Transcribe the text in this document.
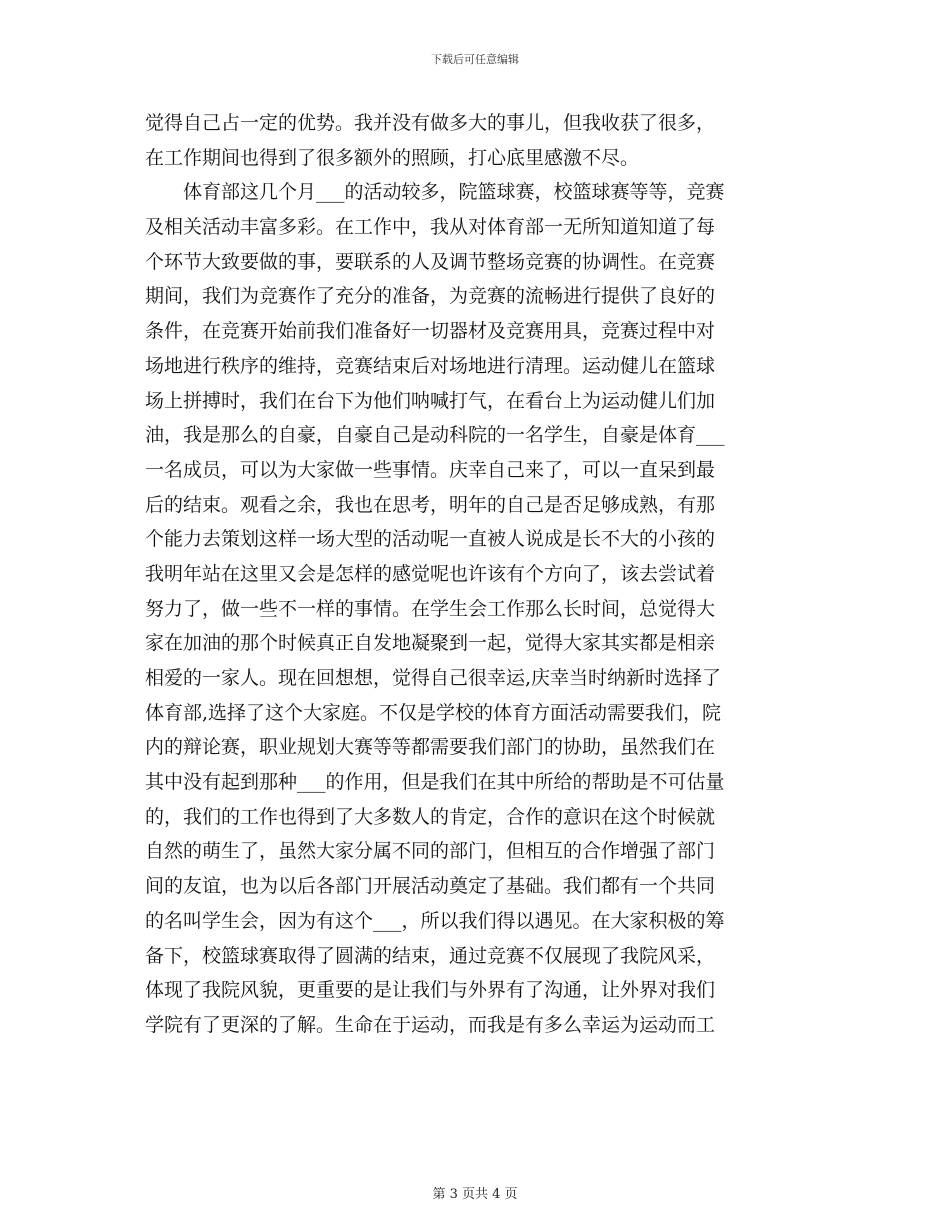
下载后可任意编辑
觉得自己占一定的优势。我并没有做多大的事儿，但我收获了很多，
在工作期间也得到了很多额外的照顾，打心底里感激不尽。
　　体育部这几个月___的活动较多，院篮球赛，校篮球赛等等，竞赛
及相关活动丰富多彩。在工作中，我从对体育部一无所知道知道了每
个环节大致要做的事，要联系的人及调节整场竞赛的协调性。在竞赛
期间，我们为竞赛作了充分的准备，为竞赛的流畅进行提供了良好的
条件，在竞赛开始前我们准备好一切器材及竞赛用具，竞赛过程中对
场地进行秩序的维持，竞赛结束后对场地进行清理。运动健儿在篮球
场上拼搏时，我们在台下为他们呐喊打气，在看台上为运动健儿们加
油，我是那么的自豪，自豪自己是动科院的一名学生，自豪是体育___
一名成员，可以为大家做一些事情。庆幸自己来了，可以一直呆到最
后的结束。观看之余，我也在思考，明年的自己是否足够成熟，有那
个能力去策划这样一场大型的活动呢一直被人说成是长不大的小孩的
我明年站在这里又会是怎样的感觉呢也许该有个方向了，该去尝试着
努力了，做一些不一样的事情。在学生会工作那么长时间，总觉得大
家在加油的那个时候真正自发地凝聚到一起，觉得大家其实都是相亲
相爱的一家人。现在回想想，觉得自己很幸运,庆幸当时纳新时选择了
体育部,选择了这个大家庭。不仅是学校的体育方面活动需要我们，院
内的辩论赛，职业规划大赛等等都需要我们部门的协助，虽然我们在
其中没有起到那种___的作用，但是我们在其中所给的帮助是不可估量
的，我们的工作也得到了大多数人的肯定，合作的意识在这个时候就
自然的萌生了，虽然大家分属不同的部门，但相互的合作增强了部门
间的友谊，也为以后各部门开展活动奠定了基础。我们都有一个共同
的名叫学生会，因为有这个___，所以我们得以遇见。在大家积极的筹
备下，校篮球赛取得了圆满的结束，通过竞赛不仅展现了我院风采，
体现了我院风貌，更重要的是让我们与外界有了沟通，让外界对我们
学院有了更深的了解。生命在于运动，而我是有多么幸运为运动而工
第 3 页共 4 页
